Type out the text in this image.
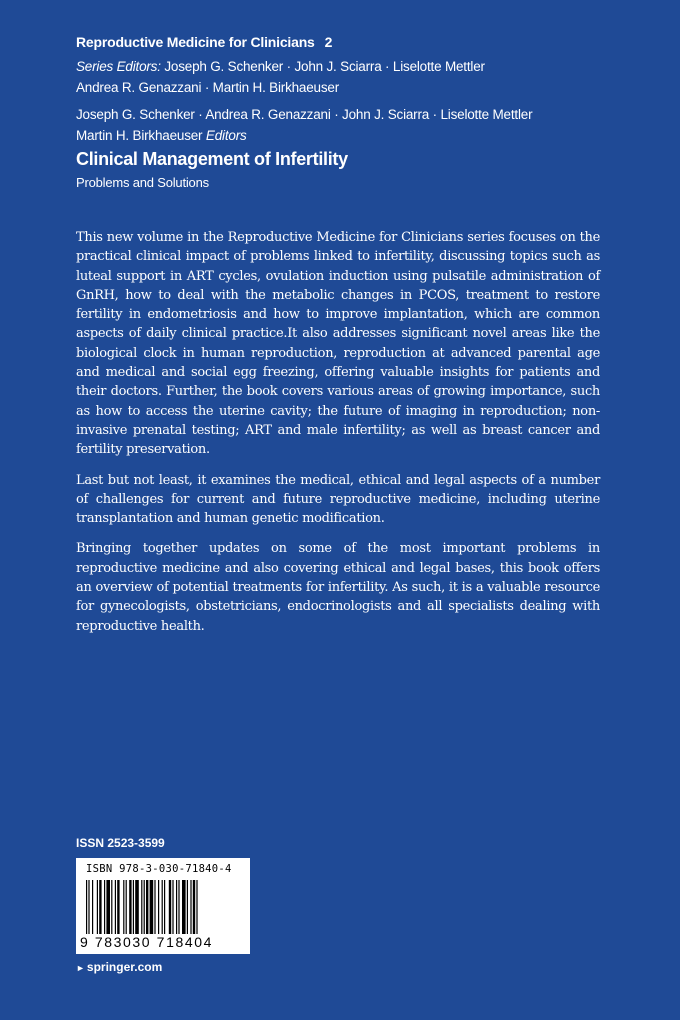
Reproductive Medicine for Clinicians 2
Series Editors: Joseph G. Schenker · John J. Sciarra · Liselotte Mettler
Andrea R. Genazzani · Martin H. Birkhaeuser
Joseph G. Schenker · Andrea R. Genazzani · John J. Sciarra · Liselotte Mettler
Martin H. Birkhaeuser Editors
Clinical Management of Infertility
Problems and Solutions

This new volume in the Reproductive Medicine for Clinicians series focuses on the practical clinical impact of problems linked to infertility, discussing topics such as luteal support in ART cycles, ovulation induction using pulsatile administration of GnRH, how to deal with the metabolic changes in PCOS, treatment to restore fertility in endometriosis and how to improve implantation, which are common aspects of daily clinical practice.It also addresses significant novel areas like the biological clock in human reproduction, reproduction at advanced parental age and medical and social egg freezing, offering valuable insights for patients and their doctors. Further, the book covers various areas of growing importance, such as how to access the uterine cavity; the future of imaging in reproduction; non-invasive prenatal testing; ART and male infertility; as well as breast cancer and fertility preservation.

Last but not least, it examines the medical, ethical and legal aspects of a number of challenges for current and future reproductive medicine, including uterine transplantation and human genetic modification.

Bringing together updates on some of the most important problems in reproductive medicine and also covering ethical and legal bases, this book offers an overview of potential treatments for infertility. As such, it is a valuable resource for gynecologists, obstetricians, endocrinologists and all specialists dealing with reproductive health.

ISSN 2523-3599
ISBN 978-3-030-71840-4
9 783030 718404
► springer.com
